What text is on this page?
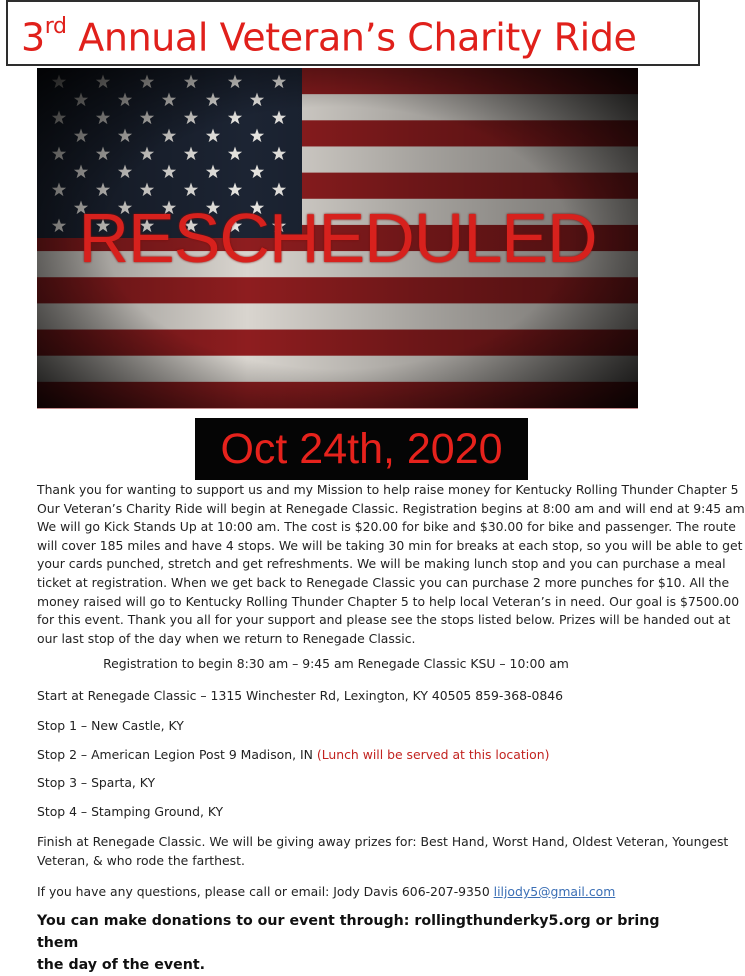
3rd Annual Veteran’s Charity Ride
RESCHEDULED
Oct 24th, 2020
Thank you for wanting to support us and my Mission to help raise money for Kentucky Rolling Thunder Chapter 5
Our Veteran’s Charity Ride will begin at Renegade Classic. Registration begins at 8:00 am and will end at 9:45 am
We will go Kick Stands Up at 10:00 am. The cost is $20.00 for bike and $30.00 for bike and passenger. The route
will cover 185 miles and have 4 stops. We will be taking 30 min for breaks at each stop, so you will be able to get
your cards punched, stretch and get refreshments. We will be making lunch stop and you can purchase a meal
ticket at registration. When we get back to Renegade Classic you can purchase 2 more punches for $10. All the
money raised will go to Kentucky Rolling Thunder Chapter 5 to help local Veteran’s in need. Our goal is $7500.00
for this event. Thank you all for your support and please see the stops listed below. Prizes will be handed out at
our last stop of the day when we return to Renegade Classic.
Registration to begin 8:30 am – 9:45 am Renegade Classic KSU – 10:00 am
Start at Renegade Classic – 1315 Winchester Rd, Lexington, KY 40505 859-368-0846
Stop 1 – New Castle, KY
Stop 2 – American Legion Post 9 Madison, IN (Lunch will be served at this location)
Stop 3 – Sparta, KY
Stop 4 – Stamping Ground, KY
Finish at Renegade Classic. We will be giving away prizes for: Best Hand, Worst Hand, Oldest Veteran, Youngest
Veteran, & who rode the farthest.
If you have any questions, please call or email: Jody Davis 606-207-9350 liljody5@gmail.com
You can make donations to our event through: rollingthunderky5.org or bring them
the day of the event.
